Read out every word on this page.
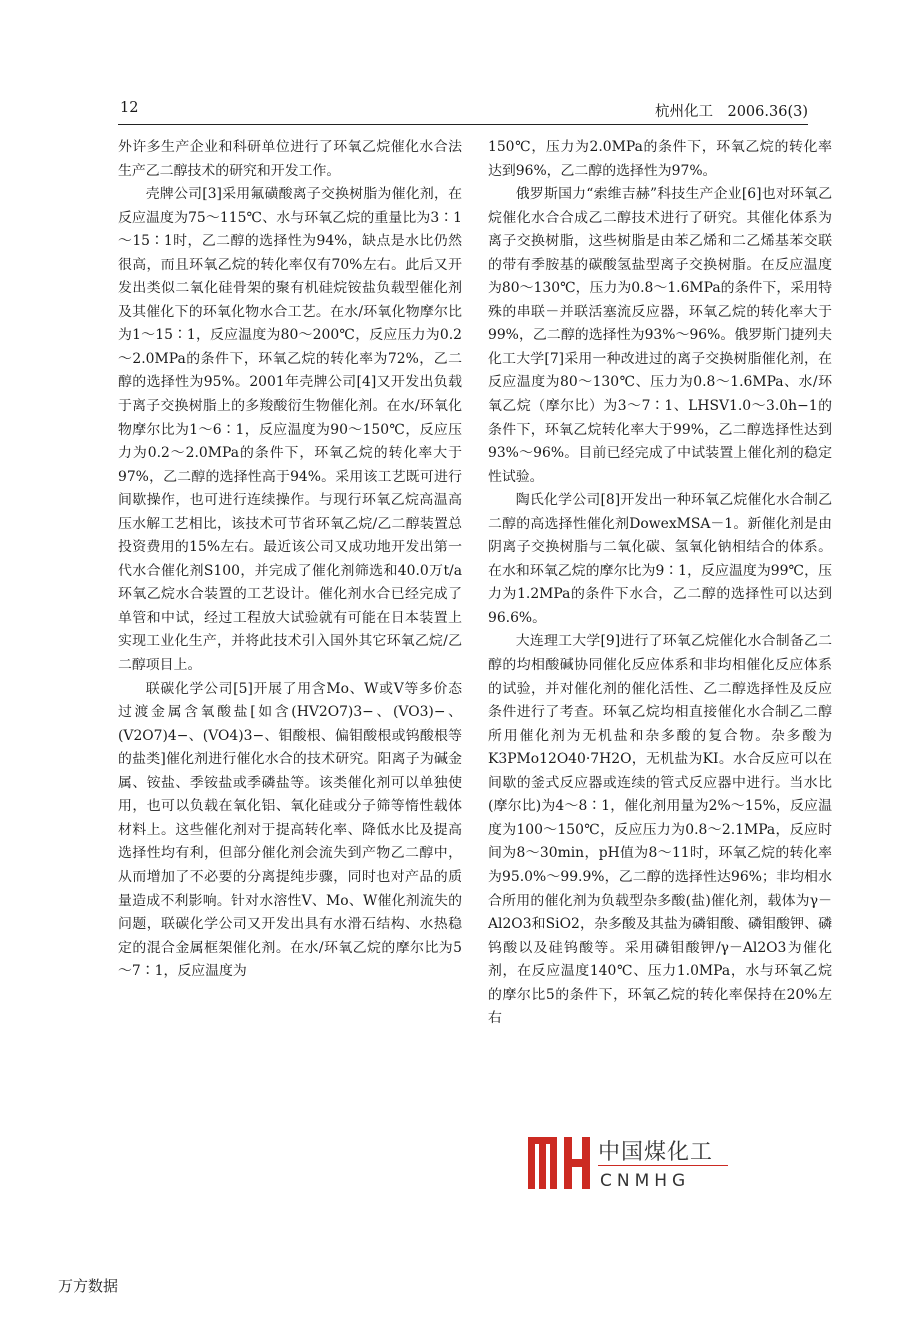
12	杭州化工　2006.36(3)

外许多生产企业和科研单位进行了环氧乙烷催化水合法生产乙二醇技术的研究和开发工作。

壳牌公司[3]采用氟磺酸离子交换树脂为催化剂，在反应温度为75～115℃、水与环氧乙烷的重量比为3∶1～15∶1时，乙二醇的选择性为94%，缺点是水比仍然很高，而且环氧乙烷的转化率仅有70%左右。此后又开发出类似二氧化硅骨架的聚有机硅烷铵盐负载型催化剂及其催化下的环氧化物水合工艺。在水/环氧化物摩尔比为1～15∶1，反应温度为80～200℃，反应压力为0.2～2.0MPa的条件下，环氧乙烷的转化率为72%，乙二醇的选择性为95%。2001年壳牌公司[4]又开发出负载于离子交换树脂上的多羧酸衍生物催化剂。在水/环氧化物摩尔比为1～6∶1，反应温度为90～150℃，反应压力为0.2～2.0MPa的条件下，环氧乙烷的转化率大于97%，乙二醇的选择性高于94%。采用该工艺既可进行间歇操作，也可进行连续操作。与现行环氧乙烷高温高压水解工艺相比，该技术可节省环氧乙烷/乙二醇装置总投资费用的15%左右。最近该公司又成功地开发出第一代水合催化剂S100，并完成了催化剂筛选和40.0万t/a环氧乙烷水合装置的工艺设计。催化剂水合已经完成了单管和中试，经过工程放大试验就有可能在日本装置上实现工业化生产，并将此技术引入国外其它环氧乙烷/乙二醇项目上。

联碳化学公司[5]开展了用含Mo、W或V等多价态过渡金属含氧酸盐[如含(HV2O7)3−、(VO3)−、(V2O7)4−、(VO4)3−、钼酸根、偏钼酸根或钨酸根等的盐类]催化剂进行催化水合的技术研究。阳离子为碱金属、铵盐、季铵盐或季磷盐等。该类催化剂可以单独使用，也可以负载在氧化铝、氧化硅或分子筛等惰性载体材料上。这些催化剂对于提高转化率、降低水比及提高选择性均有利，但部分催化剂会流失到产物乙二醇中，从而增加了不必要的分离提纯步骤，同时也对产品的质量造成不利影响。针对水溶性V、Mo、W催化剂流失的问题，联碳化学公司又开发出具有水滑石结构、水热稳定的混合金属框架催化剂。在水/环氧乙烷的摩尔比为5～7∶1，反应温度为

150℃，压力为2.0MPa的条件下，环氧乙烷的转化率达到96%，乙二醇的选择性为97%。

俄罗斯国力“索维吉赫”科技生产企业[6]也对环氧乙烷催化水合合成乙二醇技术进行了研究。其催化体系为离子交换树脂，这些树脂是由苯乙烯和二乙烯基苯交联的带有季胺基的碳酸氢盐型离子交换树脂。在反应温度为80～130℃，压力为0.8～1.6MPa的条件下，采用特殊的串联－并联活塞流反应器，环氧乙烷的转化率大于99%，乙二醇的选择性为93%～96%。俄罗斯门捷列夫化工大学[7]采用一种改进过的离子交换树脂催化剂，在反应温度为80～130℃、压力为0.8～1.6MPa、水/环氧乙烷（摩尔比）为3～7∶1、LHSV1.0～3.0h−1的条件下，环氧乙烷转化率大于99%，乙二醇选择性达到93%～96%。目前已经完成了中试装置上催化剂的稳定性试验。

陶氏化学公司[8]开发出一种环氧乙烷催化水合制乙二醇的高选择性催化剂DowexMSA－1。新催化剂是由阴离子交换树脂与二氧化碳、氢氧化钠相结合的体系。在水和环氧乙烷的摩尔比为9∶1，反应温度为99℃，压力为1.2MPa的条件下水合，乙二醇的选择性可以达到96.6%。

大连理工大学[9]进行了环氧乙烷催化水合制备乙二醇的均相酸碱协同催化反应体系和非均相催化反应体系的试验，并对催化剂的催化活性、乙二醇选择性及反应条件进行了考查。环氧乙烷均相直接催化水合制乙二醇所用催化剂为无机盐和杂多酸的复合物。杂多酸为K3PMo12O40·7H2O，无机盐为KI。水合反应可以在间歇的釜式反应器或连续的管式反应器中进行。当水比(摩尔比)为4～8∶1，催化剂用量为2%～15%，反应温度为100～150℃，反应压力为0.8～2.1MPa，反应时间为8～30min，pH值为8～11时，环氧乙烷的转化率为95.0%～99.9%，乙二醇的选择性达96%；非均相水合所用的催化剂为负载型杂多酸(盐)催化剂，载体为γ－Al2O3和SiO2，杂多酸及其盐为磷钼酸、磷钼酸钾、磷钨酸以及硅钨酸等。采用磷钼酸钾/γ－Al2O3为催化剂，在反应温度140℃、压力1.0MPa，水与环氧乙烷的摩尔比5的条件下，环氧乙烷的转化率保持在20%左右

中国煤化工
CNMHG
万方数据
